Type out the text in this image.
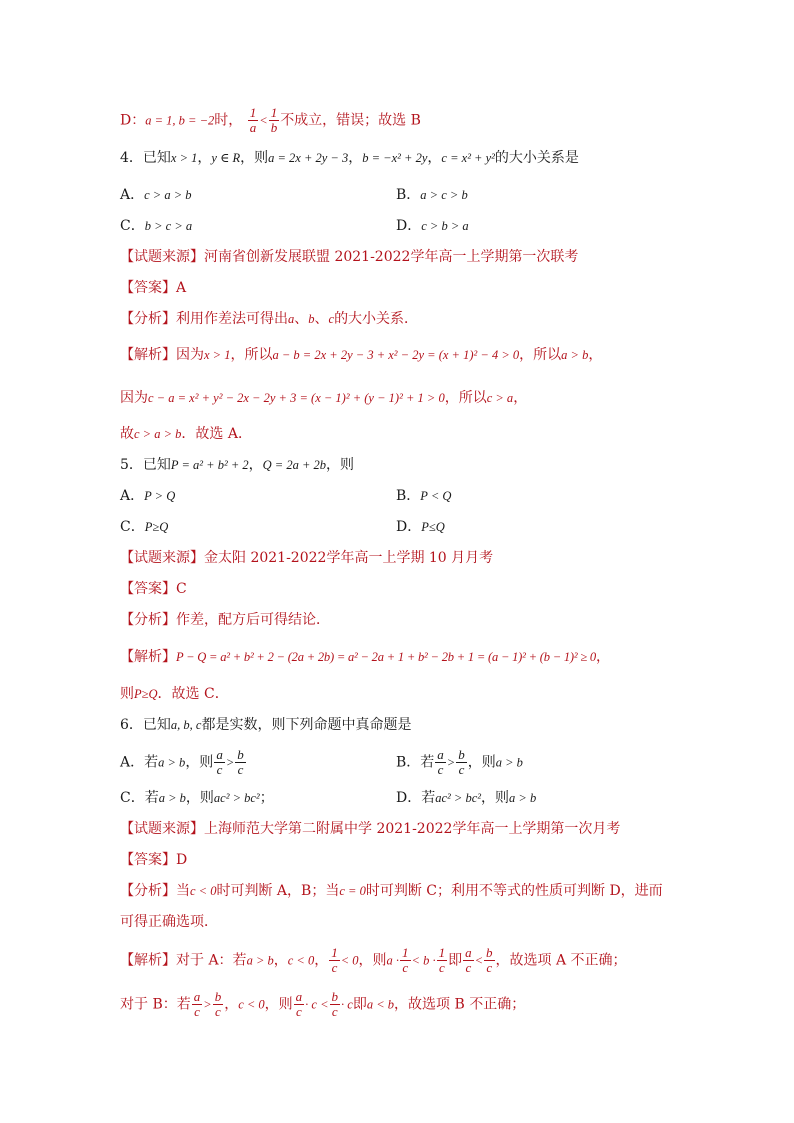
D：a = 1, b = −2时， $\frac{1}{a} < \frac{1}{b}$ 不成立，错误；故选 B
4．已知x > 1，y ∈ R，则a = 2x + 2y − 3，b = −x² + 2y，c = x² + y²的大小关系是
A．c > a > b	B．a > c > b
C．b > c > a	D．c > b > a
【试题来源】河南省创新发展联盟 2021-2022学年高一上学期第一次联考
【答案】A
【分析】利用作差法可得出a、b、c的大小关系．
【解析】因为x > 1，所以a − b = 2x + 2y − 3 + x² − 2y = (x + 1)² − 4 > 0，所以a > b，
因为c − a = x² + y² − 2x − 2y + 3 = (x − 1)² + (y − 1)² + 1 > 0，所以c > a，
故c > a > b．故选 A．
5．已知P = a² + b² + 2，Q = 2a + 2b，则
A．P > Q	B．P < Q
C．P≥Q	D．P≤Q
【试题来源】金太阳 2021-2022学年高一上学期 10 月月考
【答案】C
【分析】作差，配方后可得结论．
【解析】P − Q = a² + b² + 2 − (2a + 2b) = a² − 2a + 1 + b² − 2b + 1 = (a − 1)² + (b − 1)² ≥ 0，
则P≥Q．故选 C．
6．已知a, b, c都是实数，则下列命题中真命题是
A．若a > b，则 $\frac{a}{c} > \frac{b}{c}$	B．若 $\frac{a}{c} > \frac{b}{c}$ ，则a > b
C．若a > b，则ac² > bc²；	D．若ac² > bc²，则a > b
【试题来源】上海师范大学第二附属中学 2021-2022学年高一上学期第一次月考
【答案】D
【分析】当c < 0时可判断 A，B；当c = 0时可判断 C；利用不等式的性质可判断 D，进而
可得正确选项．
【解析】对于 A：若a > b，c < 0， $\frac{1}{c} < 0$，则$a \cdot \frac{1}{c} < b \cdot \frac{1}{c}$ 即 $\frac{a}{c} < \frac{b}{c}$ ，故选项 A 不正确；
对于 B：若 $\frac{a}{c} > \frac{b}{c}$ ，c < 0，则 $\frac{a}{c} \cdot c < \frac{b}{c} \cdot c$即a < b，故选项 B 不正确；
